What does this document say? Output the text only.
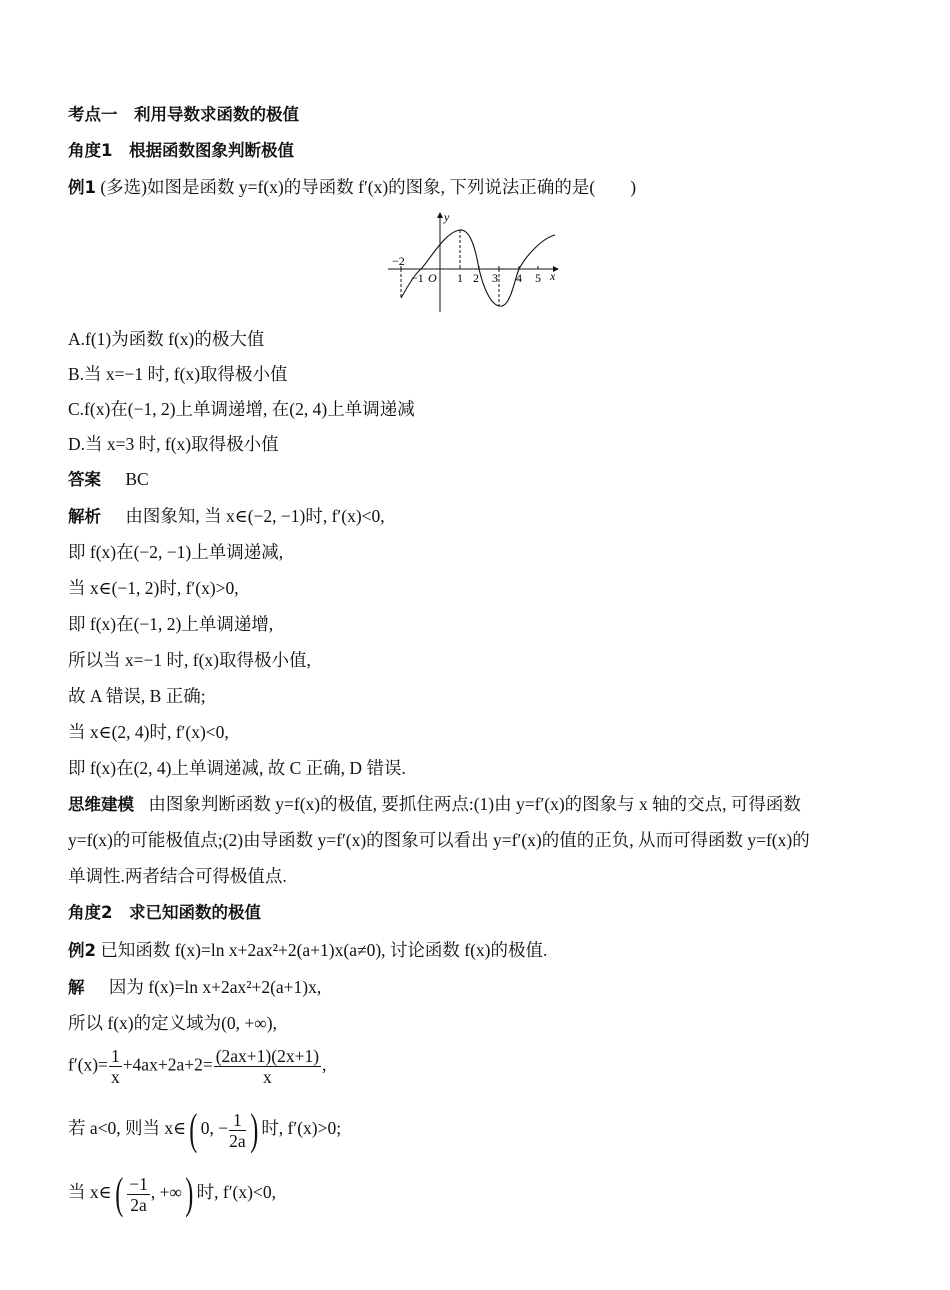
考点一　利用导数求函数的极值
角度1　根据函数图象判断极值
例1 (多选)如图是函数 y=f(x)的导函数 f′(x)的图象, 下列说法正确的是(　　)
y
x
O
−2
−1	1 2 3 4 5
A.f(1)为函数 f(x)的极大值
B.当 x=−1 时, f(x)取得极小值
C.f(x)在(−1, 2)上单调递增, 在(2, 4)上单调递减
D.当 x=3 时, f(x)取得极小值
答案 BC
解析 由图象知, 当 x∈(−2, −1)时, f′(x)<0,
即 f(x)在(−2, −1)上单调递减,
当 x∈(−1, 2)时, f′(x)>0,
即 f(x)在(−1, 2)上单调递增,
所以当 x=−1 时, f(x)取得极小值,
故 A 错误, B 正确;
当 x∈(2, 4)时, f′(x)<0,
即 f(x)在(2, 4)上单调递减, 故 C 正确, D 错误.
思维建模 由图象判断函数 y=f(x)的极值, 要抓住两点:(1)由 y=f′(x)的图象与 x 轴的交点, 可得函数
y=f(x)的可能极值点;(2)由导函数 y=f′(x)的图象可以看出 y=f′(x)的值的正负, 从而可得函数 y=f(x)的
单调性.两者结合可得极值点.
角度2　求已知函数的极值
例2 已知函数 f(x)=ln x+2ax²+2(a+1)x(a≠0), 讨论函数 f(x)的极值.
解 因为 f(x)=ln x+2ax²+2(a+1)x,
所以 f(x)的定义域为(0, +∞),
$f'(x)= \frac{1}{x} +4ax+2a+2= \frac{(2ax+1)(2x+1)}{x}$ ,
若 a<0, 则当 x∈( 0, − $\frac{1}{2a}$ ) 时, f′(x)>0;
当 x∈( $\frac{-1}{2a}$ , +∞) 时, f′(x)<0,
